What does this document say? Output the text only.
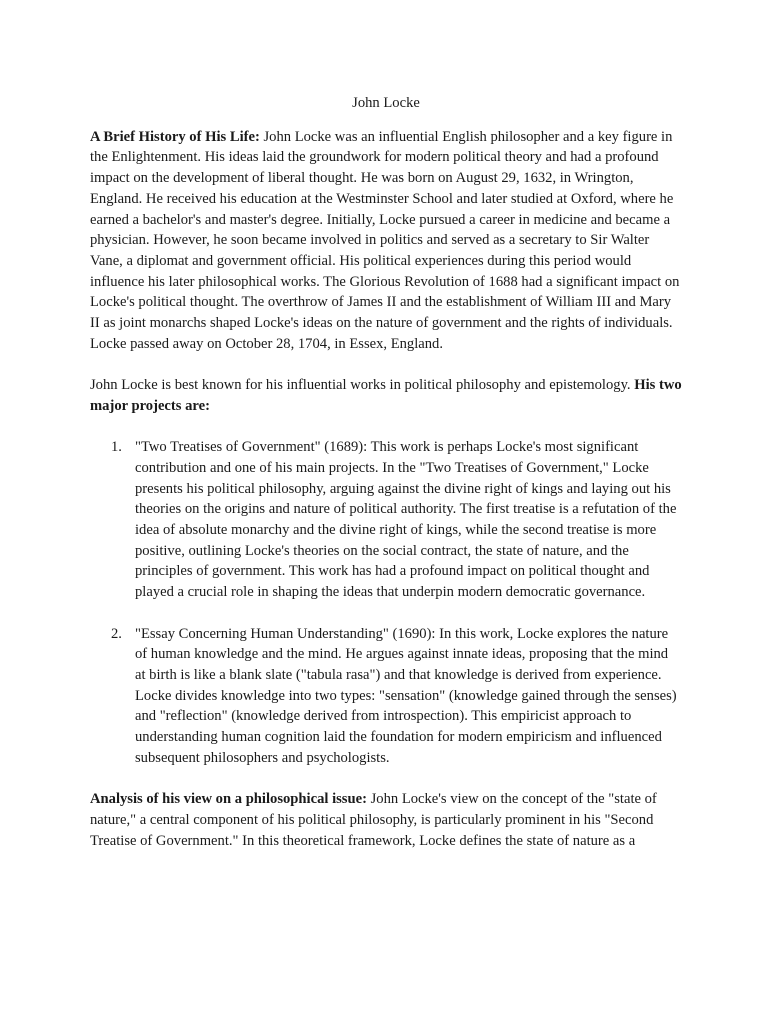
John Locke

A Brief History of His Life: John Locke was an influential English philosopher and a key figure in the Enlightenment. His ideas laid the groundwork for modern political theory and had a profound impact on the development of liberal thought. He was born on August 29, 1632, in Wrington, England. He received his education at the Westminster School and later studied at Oxford, where he earned a bachelor's and master's degree. Initially, Locke pursued a career in medicine and became a physician. However, he soon became involved in politics and served as a secretary to Sir Walter Vane, a diplomat and government official. His political experiences during this period would influence his later philosophical works. The Glorious Revolution of 1688 had a significant impact on Locke's political thought. The overthrow of James II and the establishment of William III and Mary II as joint monarchs shaped Locke's ideas on the nature of government and the rights of individuals. Locke passed away on October 28, 1704, in Essex, England.

John Locke is best known for his influential works in political philosophy and epistemology. His two major projects are:

1. "Two Treatises of Government" (1689): This work is perhaps Locke's most significant contribution and one of his main projects. In the "Two Treatises of Government," Locke presents his political philosophy, arguing against the divine right of kings and laying out his theories on the origins and nature of political authority. The first treatise is a refutation of the idea of absolute monarchy and the divine right of kings, while the second treatise is more positive, outlining Locke's theories on the social contract, the state of nature, and the principles of government. This work has had a profound impact on political thought and played a crucial role in shaping the ideas that underpin modern democratic governance.
2. "Essay Concerning Human Understanding" (1690): In this work, Locke explores the nature of human knowledge and the mind. He argues against innate ideas, proposing that the mind at birth is like a blank slate ("tabula rasa") and that knowledge is derived from experience. Locke divides knowledge into two types: "sensation" (knowledge gained through the senses) and "reflection" (knowledge derived from introspection). This empiricist approach to understanding human cognition laid the foundation for modern empiricism and influenced subsequent philosophers and psychologists.

Analysis of his view on a philosophical issue: John Locke's view on the concept of the "state of nature," a central component of his political philosophy, is particularly prominent in his "Second Treatise of Government." In this theoretical framework, Locke defines the state of nature as a
